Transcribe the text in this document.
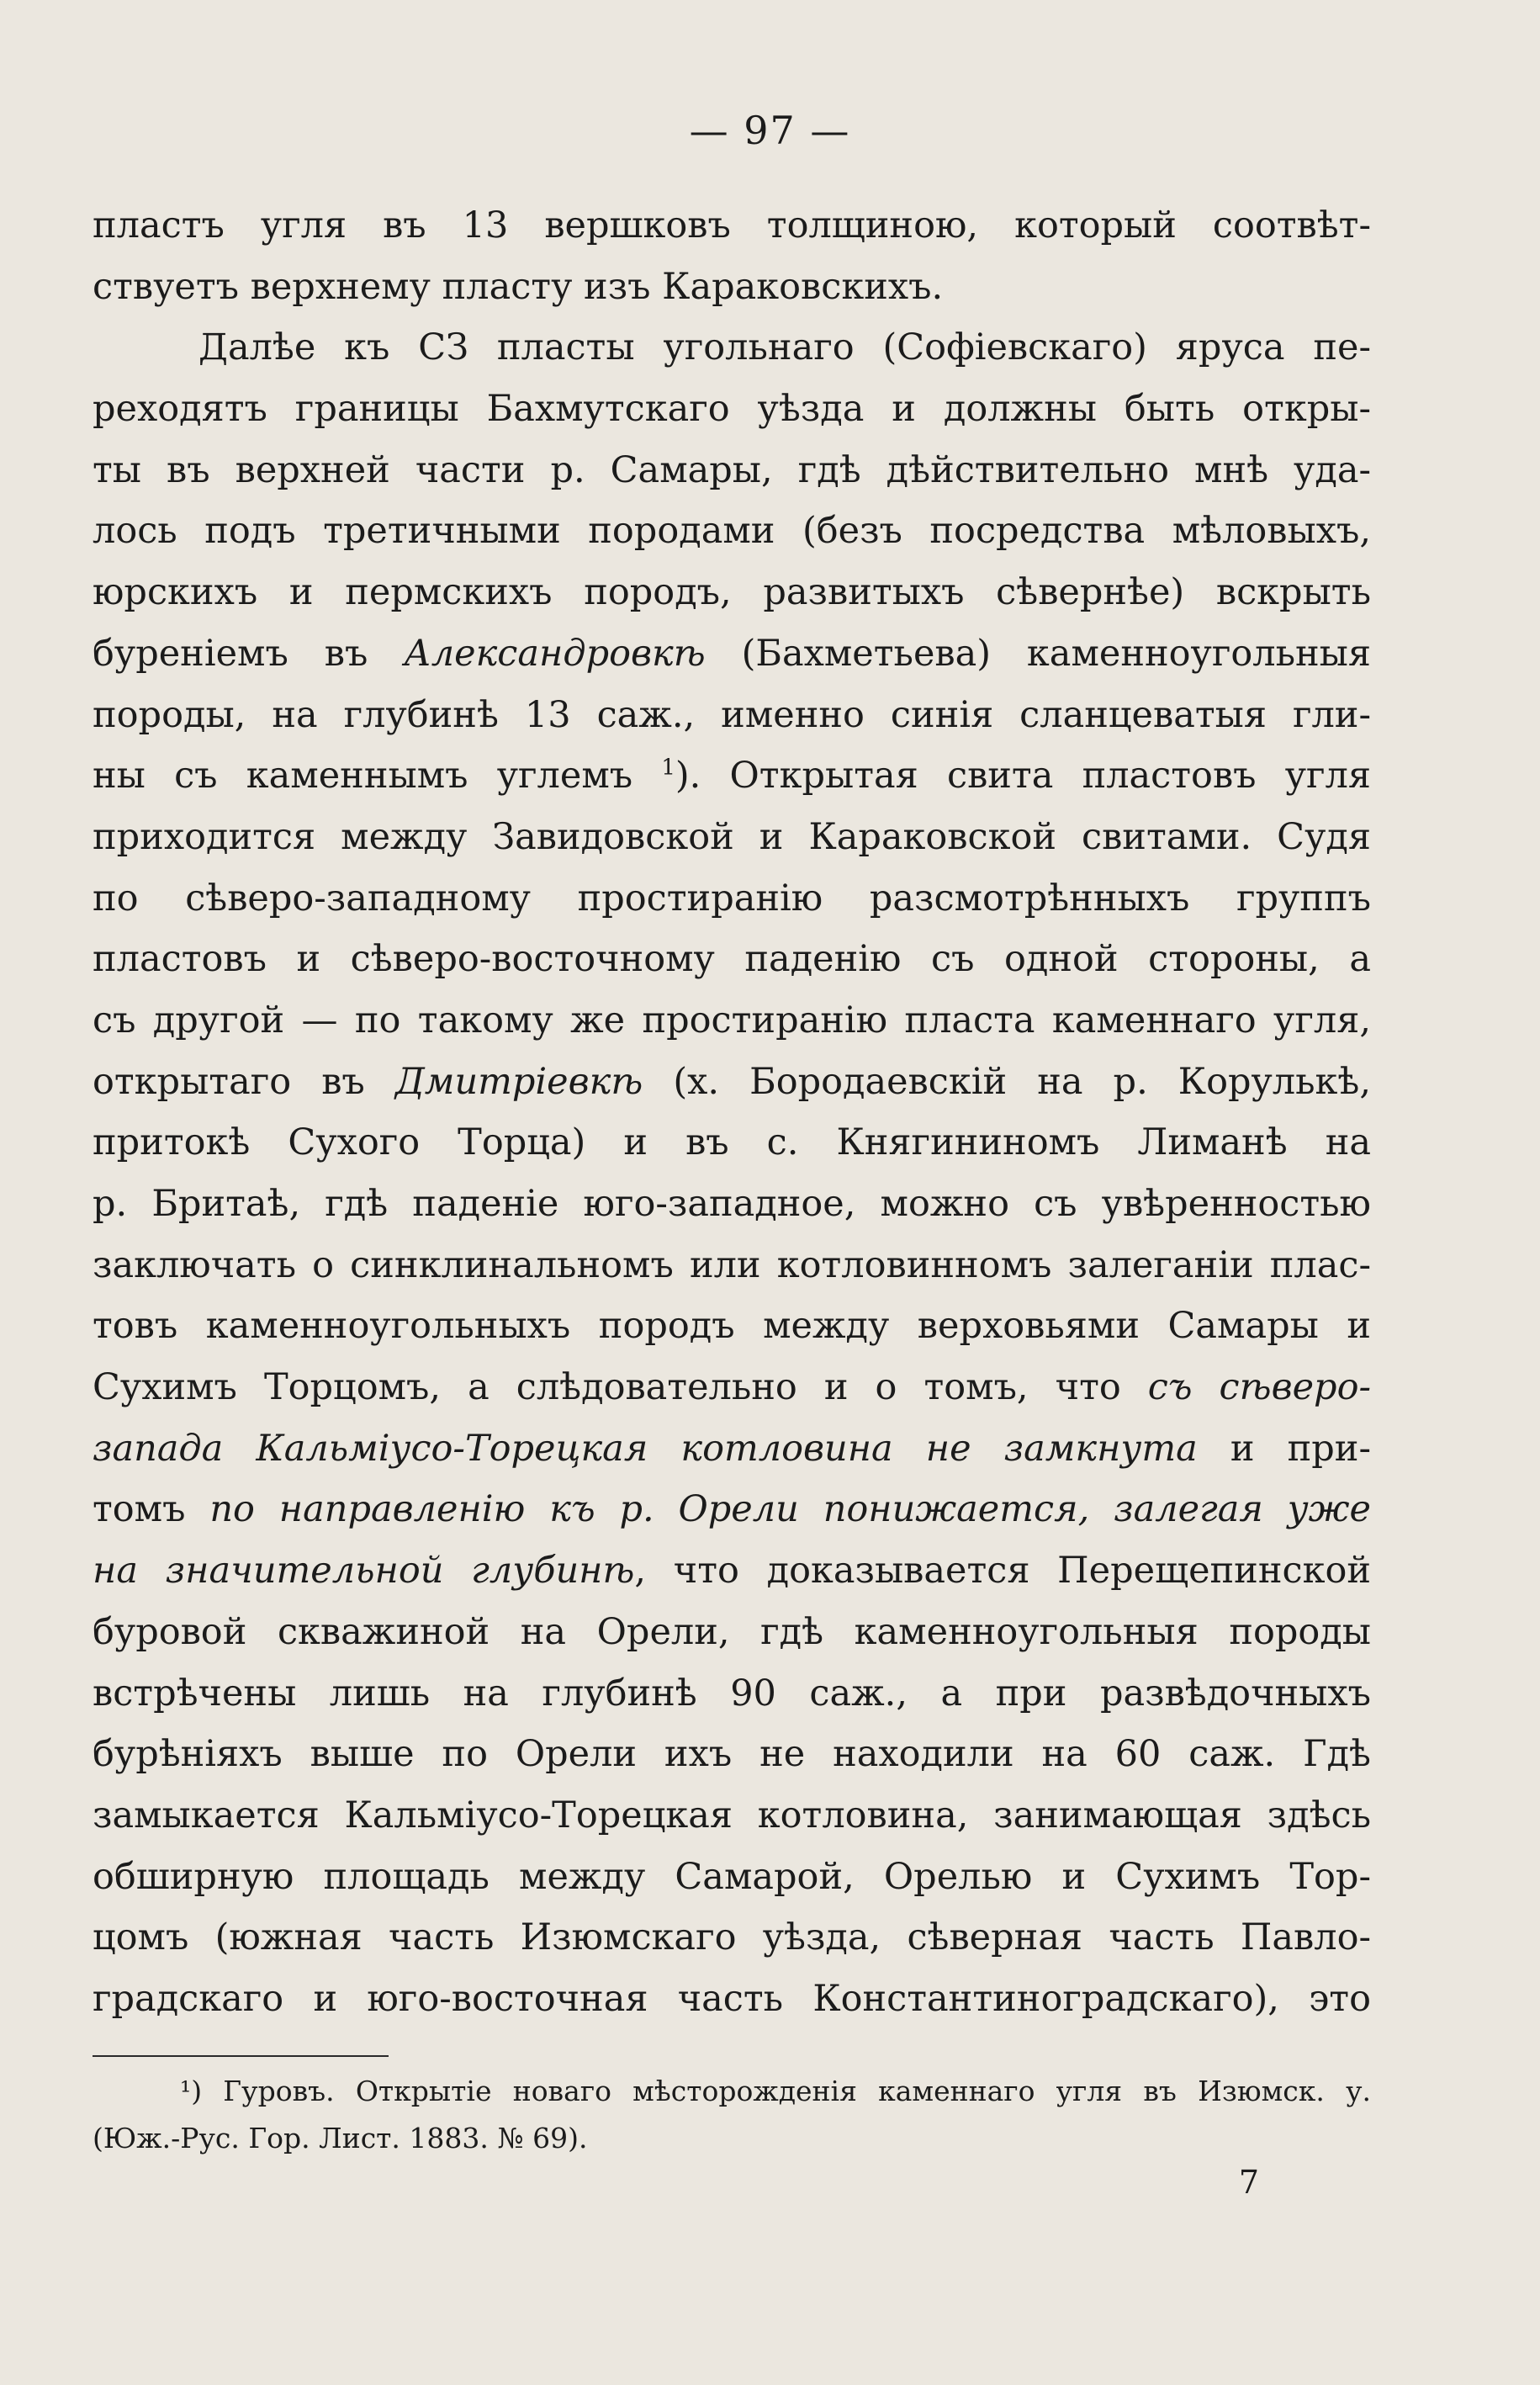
— 97 —
пластъ угля въ 13 вершковъ толщиною, который соотвѣт-
ствуетъ верхнему пласту изъ Караковскихъ.
Далѣе къ СЗ пласты угольнаго (Софіевскаго) яруса пе-
реходятъ границы Бахмутскаго уѣзда и должны быть откры-
ты въ верхней части р. Самары, гдѣ дѣйствительно мнѣ уда-
лось подъ третичными породами (безъ посредства мѣловыхъ,
юрскихъ и пермскихъ породъ, развитыхъ сѣвернѣе) вскрыть
буреніемъ въ Александровкѣ (Бахметьева) каменноугольныя
породы, на глубинѣ 13 саж., именно синія сланцеватыя гли-
ны съ каменнымъ углемъ $^1$). Открытая свита пластовъ угля
приходится между Завидовской и Караковской свитами. Судя
по сѣверо-западному простиранію разсмотрѣнныхъ группъ
пластовъ и сѣверо-восточному паденію съ одной стороны, а
съ другой — по такому же простиранію пласта каменнаго угля,
открытаго въ Дмитріевкѣ (х. Бородаевскій на р. Корулькѣ,
притокѣ Сухого Торца) и въ с. Княгининомъ Лиманѣ на
р. Бритаѣ, гдѣ паденіе юго-западное, можно съ увѣренностью
заключать о синклинальномъ или котловинномъ залеганіи плас-
товъ каменноугольныхъ породъ между верховьями Самары и
Сухимъ Торцомъ, а слѣдовательно и о томъ, что съ сѣверо-
запада Кальміусо-Торецкая котловина не замкнута и при-
томъ по направленію къ р. Орели понижается, залегая уже
на значительной глубинѣ, что доказывается Перещепинской
буровой скважиной на Орели, гдѣ каменноугольныя породы
встрѣчены лишь на глубинѣ 90 саж., а при развѣдочныхъ
бурѣніяхъ выше по Орели ихъ не находили на 60 саж. Гдѣ
замыкается Кальміусо-Торецкая котловина, занимающая здѣсь
обширную площадь между Самарой, Орелью и Сухимъ Тор-
цомъ (южная часть Изюмскаго уѣзда, сѣверная часть Павло-
градскаго и юго-восточная часть Константиноградскаго), это
¹) Гуровъ. Открытіе новаго мѣсторожденія каменнаго угля въ Изюмск. у.
(Юж.-Рус. Гор. Лист. 1883. № 69).
7
